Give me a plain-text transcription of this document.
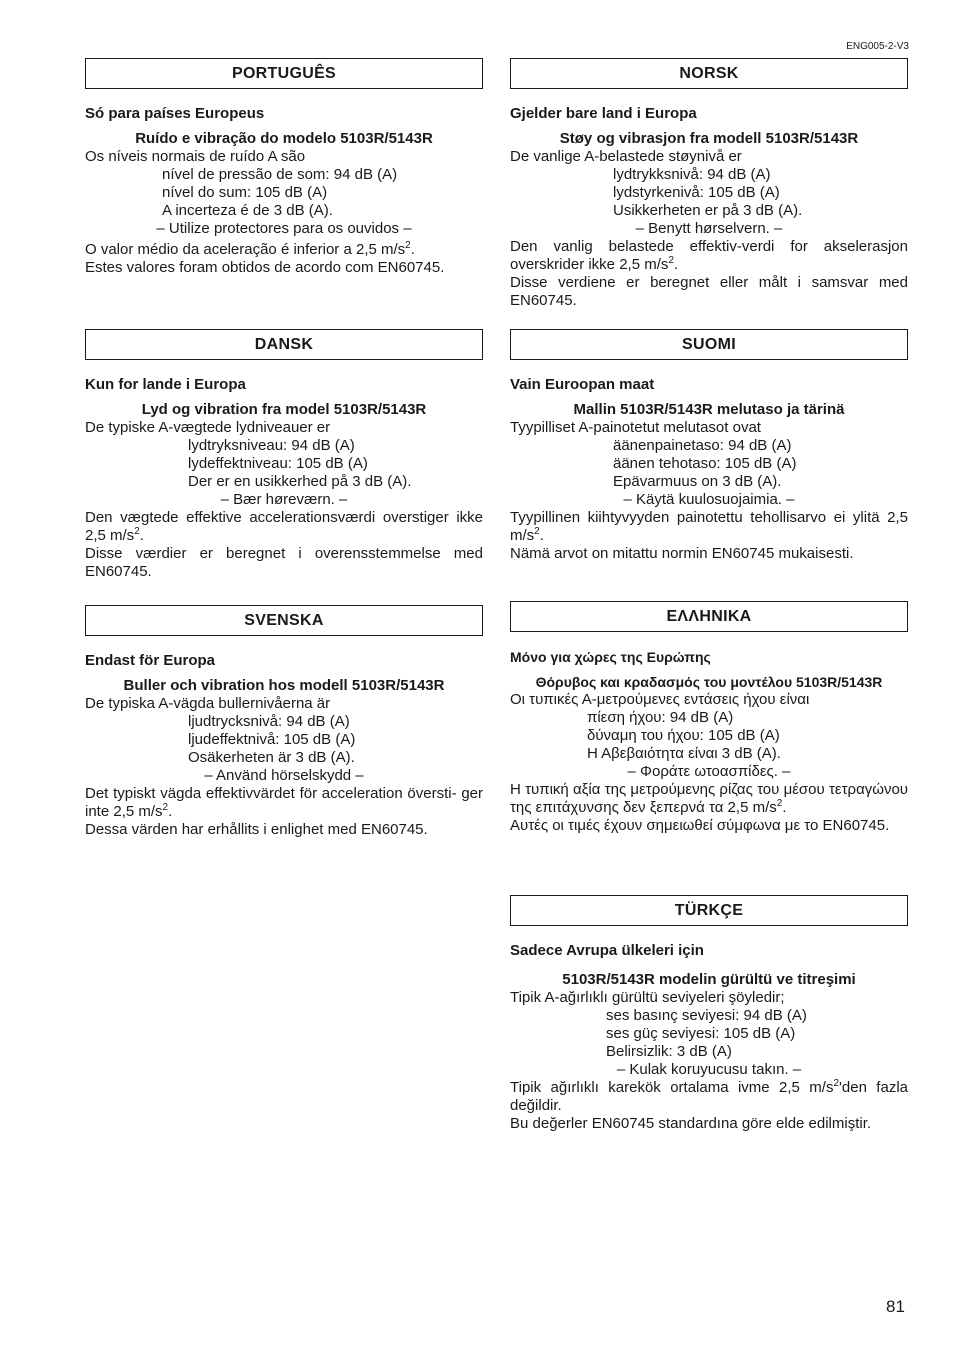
ENG005-2-V3
PORTUGUÊS
Só para países Europeus
Ruído e vibração do modelo 5103R/5143R
Os níveis normais de ruído A são
nível de pressão de som: 94 dB (A)
nível do sum: 105 dB (A)
A incerteza é de 3 dB (A).
– Utilize protectores para os ouvidos –
O valor médio da aceleração é inferior a 2,5 $m/s^2$.
Estes valores foram obtidos de acordo com EN60745.
NORSK
Gjelder bare land i Europa
Støy og vibrasjon fra modell 5103R/5143R
De vanlige A-belastede støynivå er
lydtrykksnivå: 94 dB (A)
lydstyrkenivå: 105 dB (A)
Usikkerheten er på 3 dB (A).
– Benytt hørselvern. –
Den vanlig belastede effektiv-verdi for akselerasjon overskrider ikke 2,5 $m/s^2$.
Disse verdiene er beregnet eller målt i samsvar med EN60745.
DANSK
Kun for lande i Europa
Lyd og vibration fra model 5103R/5143R
De typiske A-vægtede lydniveauer er
lydtryksniveau: 94 dB (A)
lydeffektniveau: 105 dB (A)
Der er en usikkerhed på 3 dB (A).
– Bær høreværn. –
Den vægtede effektive accelerationsværdi overstiger ikke 2,5 $m/s^2$.
Disse værdier er beregnet i overensstemmelse med EN60745.
SUOMI
Vain Euroopan maat
Mallin 5103R/5143R melutaso ja tärinä
Tyypilliset A-painotetut melutasot ovat
äänenpainetaso: 94 dB (A)
äänen tehotaso: 105 dB (A)
Epävarmuus on 3 dB (A).
– Käytä kuulosuojaimia. –
Tyypillinen kiihtyvyyden painotettu tehollisarvo ei ylitä 2,5 $m/s^2$.
Nämä arvot on mitattu normin EN60745 mukaisesti.
SVENSKA
Endast för Europa
Buller och vibration hos modell 5103R/5143R
De typiska A-vägda bullernivåerna är
ljudtrycksnivå: 94 dB (A)
ljudeffektnivå: 105 dB (A)
Osäkerheten är 3 dB (A).
– Använd hörselskydd –
Det typiskt vägda effektivvärdet för acceleration översti- ger inte 2,5 $m/s^2$.
Dessa värden har erhållits i enlighet med EN60745.
ΕΛΛΗΝΙΚΑ
Μόνο για χώρες της Ευρώπης
Θόρυβος και κραδασμός του μοντέλου 5103R/5143R
Οι τυπικές Α-μετρούμενες εντάσεις ήχου είναι
πίεση ήχου: 94 dB (A)
δύναμη του ήχου: 105 dB (A)
Η Αβεβαιότητα είναι 3 dB (A).
– Φοράτε ωτοασπίδες. –
Η τυπική αξία της μετρούμενης ρίζας του μέσου τετραγώνου της επιτάχυνσης δεν ξεπερνά τα 2,5 $m/s^2$.
Αυτές οι τιμές έχουν σημειωθεί σύμφωνα με το EN60745.
TÜRKÇE
Sadece Avrupa ülkeleri için
5103R/5143R modelin gürültü ve titreşimi
Tipik A-ağırlıklı gürültü seviyeleri şöyledir;
ses basınç seviyesi: 94 dB (A)
ses güç seviyesi: 105 dB (A)
Belirsizlik: 3 dB (A)
– Kulak koruyucusu takın. –
Tipik ağırlıklı karekök ortalama ivme 2,5 $m/s^2'den$ fazla değildir.
Bu değerler EN60745 standardına göre elde edilmiştir.
81
